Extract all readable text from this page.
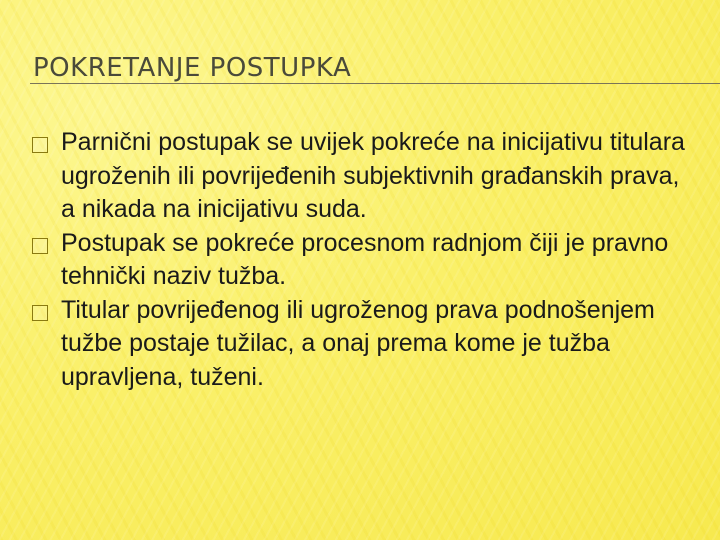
POKRETANJE POSTUPKA
Parnični postupak se uvijek pokreće na inicijativu titulara ugroženih ili povrijeđenih subjektivnih građanskih prava, a nikada na inicijativu suda.
Postupak se pokreće procesnom radnjom čiji je pravno tehnički naziv tužba.
Titular povrijeđenog ili ugroženog prava podnošenjem tužbe postaje tužilac, a onaj prema kome je tužba upravljena, tuženi.
